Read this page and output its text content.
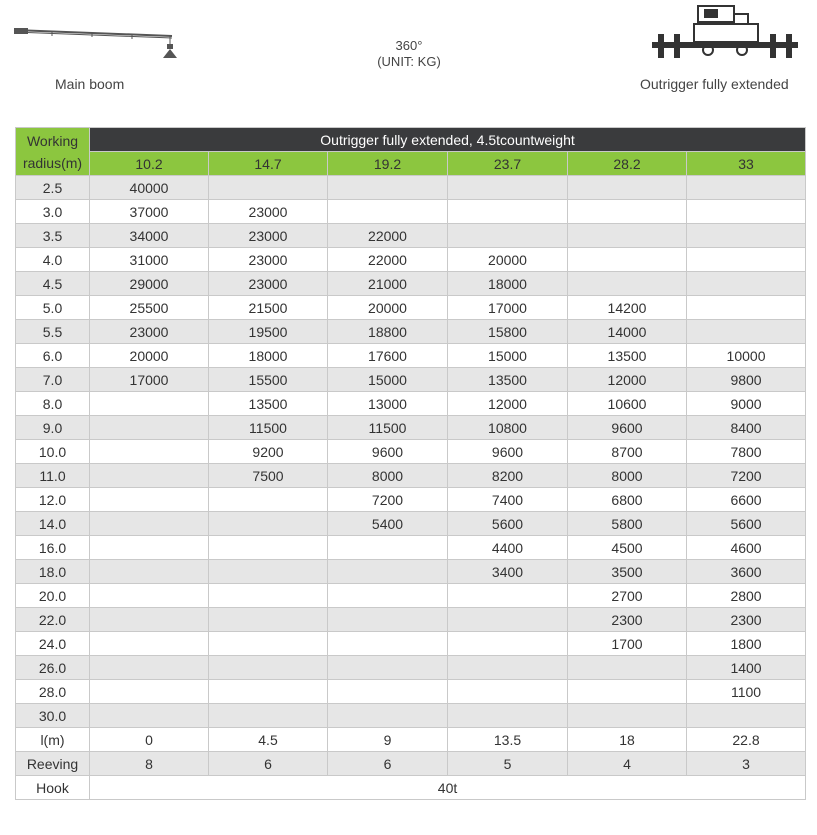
Main boom
360°
(UNIT: KG)
Outrigger fully extended
Working radius(m)	Outrigger fully extended, 4.5tcountweight					
	10.2	14.7	19.2	23.7	28.2	33
2.5	40000					
3.0	37000	23000				
3.5	34000	23000	22000			
4.0	31000	23000	22000	20000		
4.5	29000	23000	21000	18000		
5.0	25500	21500	20000	17000	14200	
5.5	23000	19500	18800	15800	14000	
6.0	20000	18000	17600	15000	13500	10000
7.0	17000	15500	15000	13500	12000	9800
8.0		13500	13000	12000	10600	9000
9.0		11500	11500	10800	9600	8400
10.0		9200	9600	9600	8700	7800
11.0		7500	8000	8200	8000	7200
12.0			7200	7400	6800	6600
14.0			5400	5600	5800	5600
16.0				4400	4500	4600
18.0				3400	3500	3600
20.0					2700	2800
22.0					2300	2300
24.0					1700	1800
26.0						1400
28.0						1100
30.0						
l(m)	0	4.5	9	13.5	18	22.8
Reeving	8	6	6	5	4	3
Hook	40t					
